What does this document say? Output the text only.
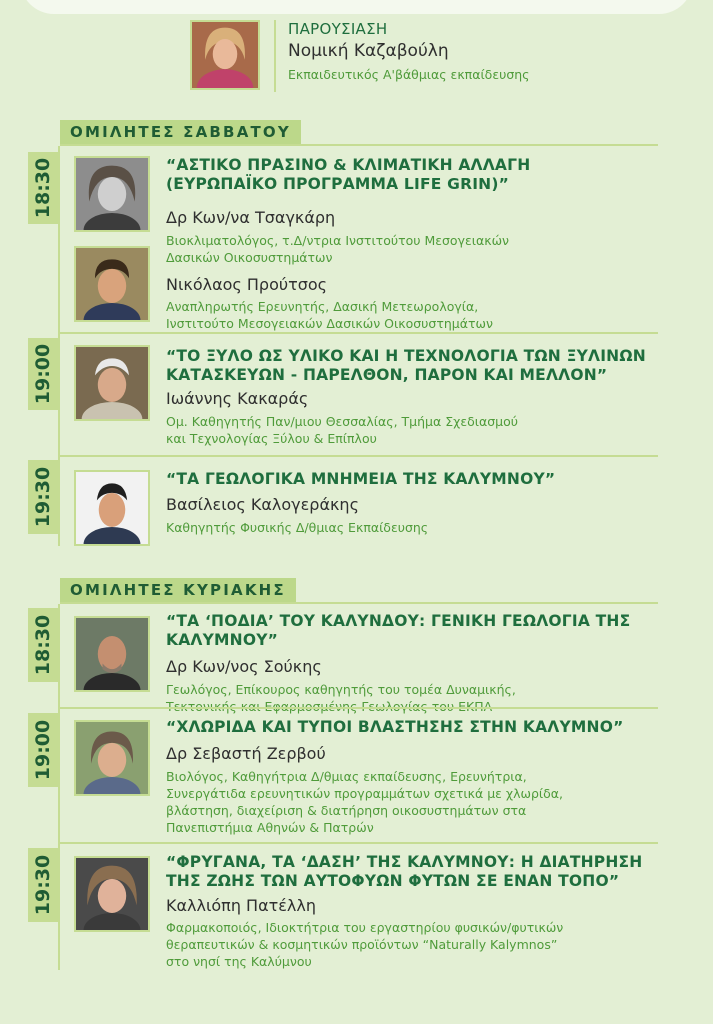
ΠΑΡΟΥΣΙΑΣΗ
Νομική Καζαβούλη
Εκπαιδευτικός Α'βάθμιας εκπαίδευσης
ΟΜΙΛΗΤΕΣ ΣΑΒΒΑΤΟΥ
18:30	“ΑΣΤΙΚΟ ΠΡΑΣΙΝΟ & ΚΛΙΜΑΤΙΚΗ ΑΛΛΑΓΗ
(ΕΥΡΩΠΑΪΚΟ ΠΡΟΓΡΑΜΜΑ LIFE GRIN)”
Δρ Κων/να Τσαγκάρη
Βιοκλιματολόγος, τ.Δ/ντρια Ινστιτούτου Μεσογειακών
Δασικών Οικοσυστημάτων
Νικόλαος Προύτσος
Αναπληρωτής Ερευνητής, Δασική Μετεωρολογία,
Ινστιτούτο Μεσογειακών Δασικών Οικοσυστημάτων
19:00	“ΤΟ ΞΥΛΟ ΩΣ ΥΛΙΚΟ ΚΑΙ Η ΤΕΧΝΟΛΟΓΙΑ ΤΩΝ ΞΥΛΙΝΩΝ
ΚΑΤΑΣΚΕΥΩΝ - ΠΑΡΕΛΘΟΝ, ΠΑΡΟΝ ΚΑΙ ΜΕΛΛΟΝ”
Ιωάννης Κακαράς
Ομ. Καθηγητής Παν/μιου Θεσσαλίας, Τμήμα Σχεδιασμού
και Τεχνολογίας Ξύλου & Επίπλου
19:30	“ΤΑ ΓΕΩΛΟΓΙΚΑ ΜΝΗΜΕΙΑ ΤΗΣ ΚΑΛΥΜΝΟΥ”
Βασίλειος Καλογεράκης
Καθηγητής Φυσικής Δ/θμιας Εκπαίδευσης
ΟΜΙΛΗΤΕΣ ΚΥΡΙΑΚΗΣ
18:30	“ΤΑ ‘ΠΟΔΙΑ’ ΤΟΥ ΚΑΛΥΝΔΟΥ: ΓΕΝΙΚΗ ΓΕΩΛΟΓΙΑ ΤΗΣ ΚΑΛΥΜΝΟΥ”
Δρ Κων/νος Σούκης
Γεωλόγος, Επίκουρος καθηγητής του τομέα Δυναμικής,
19:00	“ΧΛΩΡΙΔΑ ΚΑΙ ΤΥΠΟΙ ΒΛΑΣΤΗΣΗΣ ΣΤΗΝ ΚΑΛΥΜΝΟ”
Δρ Σεβαστή Ζερβού
Βιολόγος, Καθηγήτρια Δ/θμιας εκπαίδευσης, Ερευνήτρια,
Συνεργάτιδα ερευνητικών προγραμμάτων σχετικά με χλωρίδα,
βλάστηση, διαχείριση & διατήρηση οικοσυστημάτων στα
Πανεπιστήμια Αθηνών & Πατρών
19:30	“ΦΡΥΓΑΝΑ, ΤΑ ‘ΔΑΣΗ’ ΤΗΣ ΚΑΛΥΜΝΟΥ: Η ΔΙΑΤΗΡΗΣΗ
ΤΗΣ ΖΩΗΣ ΤΩΝ ΑΥΤΟΦΥΩΝ ΦΥΤΩΝ ΣΕ ΕΝΑΝ ΤΟΠΟ”
Καλλιόπη Πατέλλη
Φαρμακοποιός, Ιδιοκτήτρια του εργαστηρίου φυσικών/φυτικών
θεραπευτικών & κοσμητικών προϊόντων “Naturally Kalymnos”
στο νησί της Καλύμνου
